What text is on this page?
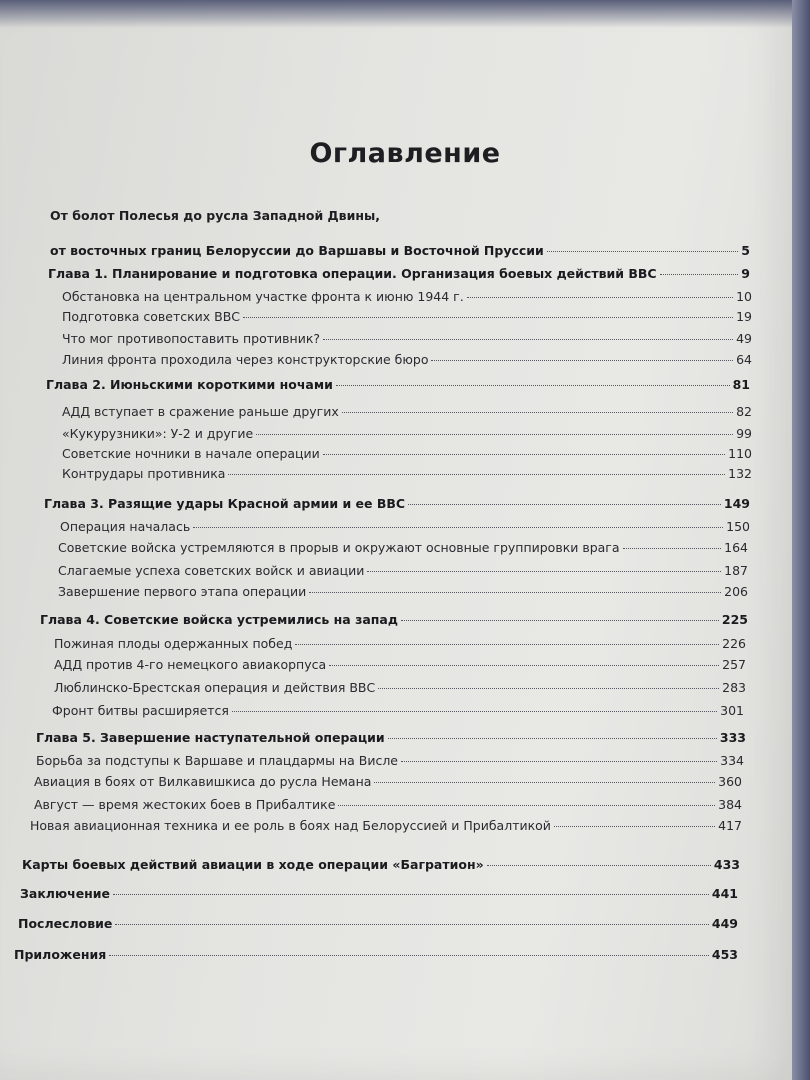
Оглавление
От болот Полесья до русла Западной Двины,
от восточных границ Белоруссии до Варшавы и Восточной Пруссии	5
Глава 1. Планирование и подготовка операции. Организация боевых действий ВВС	9
Обстановка на центральном участке фронта к июню 1944 г.	10
Подготовка советских ВВС	19
Что мог противопоставить противник?	49
Линия фронта проходила через конструкторские бюро	64
Глава 2. Июньскими короткими ночами	81
АДД вступает в сражение раньше других	82
«Кукурузники»: У-2 и другие	99
Советские ночники в начале операции	110
Контрудары противника	132
Глава 3. Разящие удары Красной армии и ее ВВС	149
Операция началась	150
Советские войска устремляются в прорыв и окружают основные группировки врага	164
Слагаемые успеха советских войск и авиации	187
Завершение первого этапа операции	206
Глава 4. Советские войска устремились на запад	225
Пожиная плоды одержанных побед	226
АДД против 4-го немецкого авиакорпуса	257
Люблинско-Брестская операция и действия ВВС	283
Фронт битвы расширяется	301
Глава 5. Завершение наступательной операции	333
Борьба за подступы к Варшаве и плацдармы на Висле	334
Авиация в боях от Вилкавишкиса до русла Немана	360
Август — время жестоких боев в Прибалтике	384
Новая авиационная техника и ее роль в боях над Белоруссией и Прибалтикой	417
Карты боевых действий авиации в ходе операции «Багратион»	433
Заключение	441
Послесловие	449
Приложения	453
